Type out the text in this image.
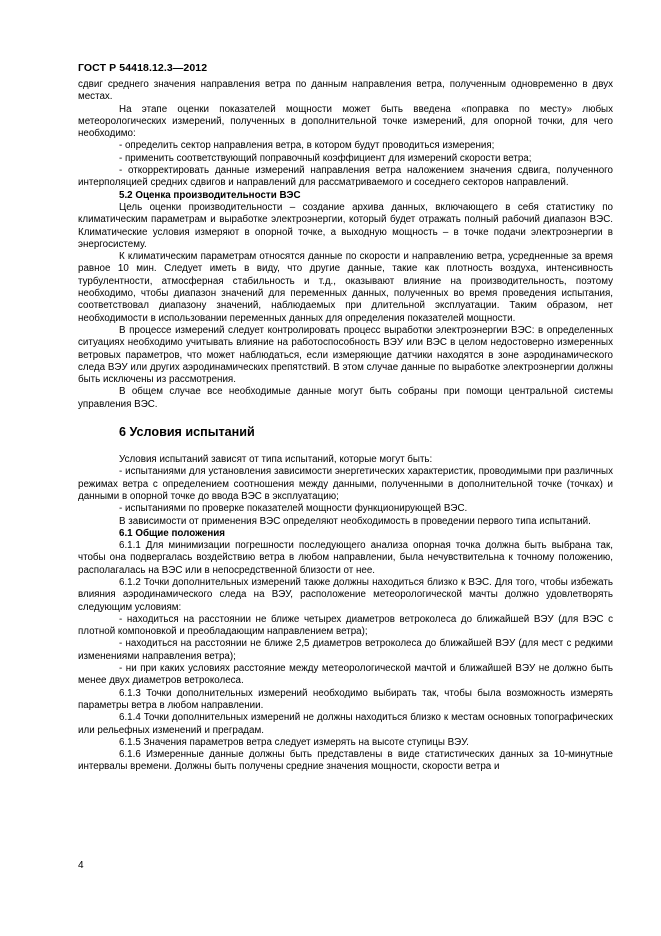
ГОСТ Р 54418.12.3—2012

сдвиг среднего значения направления ветра по данным направления ветра, полученным одновременно в двух местах.

На этапе оценки показателей мощности может быть введена «поправка по месту» любых метеорологических измерений, полученных в дополнительной точке измерений, для опорной точки, для чего необходимо:

- определить сектор направления ветра, в котором будут проводиться измерения;

- применить соответствующий поправочный коэффициент для измерений скорости ветра;

- откорректировать данные измерений направления ветра наложением значения сдвига, полученного интерполяцией средних сдвигов и направлений для рассматриваемого и соседнего секторов направлений.

5.2 Оценка производительности ВЭС

Цель оценки производительности – создание архива данных, включающего в себя статистику по климатическим параметрам и выработке электроэнергии, который будет отражать полный рабочий диапазон ВЭС. Климатические условия измеряют в опорной точке, а выходную мощность – в точке подачи электроэнергии в энергосистему.

К климатическим параметрам относятся данные по скорости и направлению ветра, усредненные за время равное 10 мин. Следует иметь в виду, что другие данные, такие как плотность воздуха, интенсивность турбулентности, атмосферная стабильность и т.д., оказывают влияние на производительность, поэтому необходимо, чтобы диапазон значений для переменных данных, полученных во время проведения испытания, соответствовал диапазону значений, наблюдаемых при длительной эксплуатации. Таким образом, нет необходимости в использовании переменных данных для определения показателей мощности.

В процессе измерений следует контролировать процесс выработки электроэнергии ВЭС: в определенных ситуациях необходимо учитывать влияние на работоспособность ВЭУ или ВЭС в целом недостоверно измеренных ветровых параметров, что может наблюдаться, если измеряющие датчики находятся в зоне аэродинамического следа ВЭУ или других аэродинамических препятствий. В этом случае данные по выработке электроэнергии должны быть исключены из рассмотрения.

В общем случае все необходимые данные могут быть собраны при помощи центральной системы управления ВЭС.

6 Условия испытаний

Условия испытаний зависят от типа испытаний, которые могут быть:

- испытаниями для установления зависимости энергетических характеристик, проводимыми при различных режимах ветра с определением соотношения между данными, полученными в дополнительной точке (точках) и данными в опорной точке до ввода ВЭС в эксплуатацию;

- испытаниями по проверке показателей мощности функционирующей ВЭС.

В зависимости от применения ВЭС определяют необходимость в проведении первого типа испытаний.

6.1 Общие положения

6.1.1 Для минимизации погрешности последующего анализа опорная точка должна быть выбрана так, чтобы она подвергалась воздействию ветра в любом направлении, была нечувствительна к точному положению, располагалась на ВЭС или в непосредственной близости от нее.

6.1.2 Точки дополнительных измерений также должны находиться близко к ВЭС. Для того, чтобы избежать влияния аэродинамического следа на ВЭУ, расположение метеорологической мачты должно удовлетворять следующим условиям:

- находиться на расстоянии не ближе четырех диаметров ветроколеса до ближайшей ВЭУ (для ВЭС с плотной компоновкой и преобладающим направлением ветра);

- находиться на расстоянии не ближе 2,5 диаметров ветроколеса до ближайшей ВЭУ (для мест с редкими изменениями направления ветра);

- ни при каких условиях расстояние между метеорологической мачтой и ближайшей ВЭУ не должно быть менее двух диаметров ветроколеса.

6.1.3 Точки дополнительных измерений необходимо выбирать так, чтобы была возможность измерять параметры ветра в любом направлении.

6.1.4 Точки дополнительных измерений не должны находиться близко к местам основных топографических или рельефных изменений и преградам.

6.1.5 Значения параметров ветра следует измерять на высоте ступицы ВЭУ.

6.1.6 Измеренные данные должны быть представлены в виде статистических данных за 10-минутные интервалы времени. Должны быть получены средние значения мощности, скорости ветра и

4
